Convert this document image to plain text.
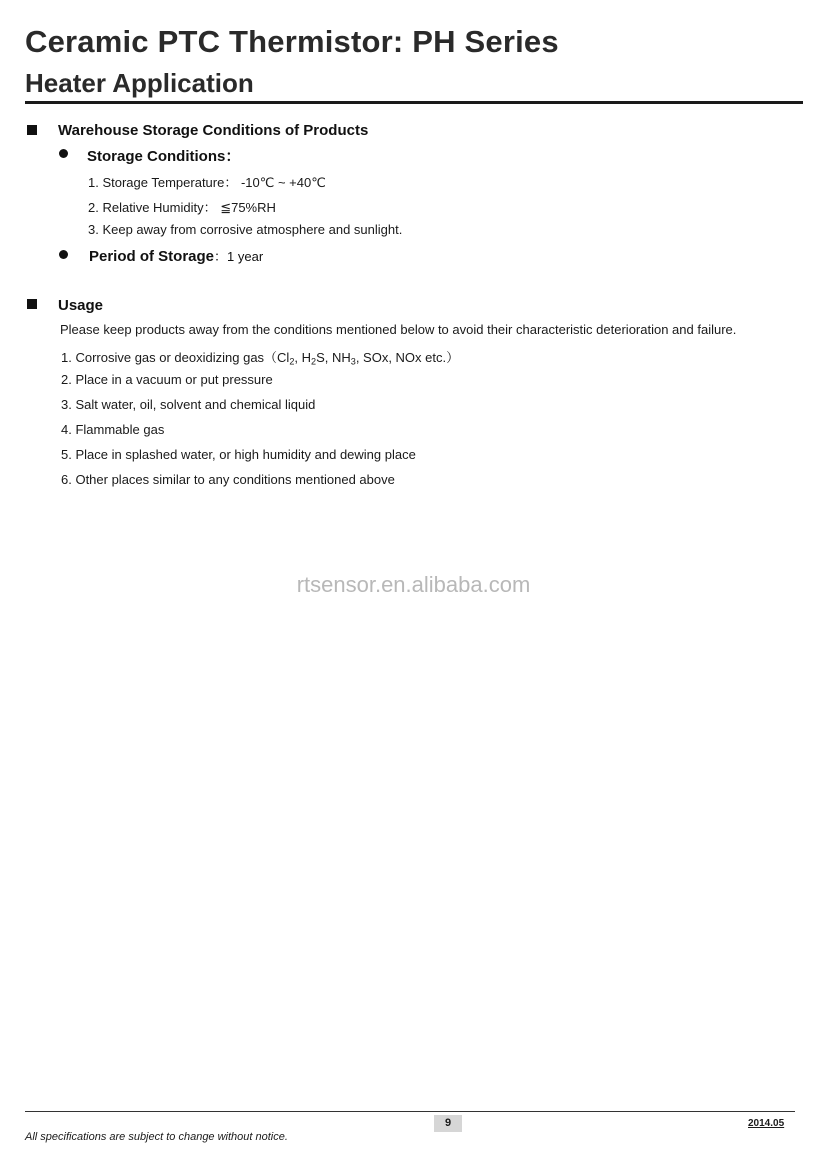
Ceramic PTC Thermistor: PH Series
Heater Application
Warehouse Storage Conditions of Products
Storage Conditions：
1. Storage Temperature： -10℃ ~ +40℃
2. Relative Humidity： ≦75%RH
3. Keep away from corrosive atmosphere and sunlight.
Period of Storage：1 year
Usage
Please keep products away from the conditions mentioned below to avoid their characteristic deterioration and failure.
1. Corrosive gas or deoxidizing $gas(Cl_2$, $H_2S$, $NH_3$, SOx, NOx etc.）
2. Place in a vacuum or put pressure
3. Salt water, oil, solvent and chemical liquid
4. Flammable gas
5. Place in splashed water, or high humidity and dewing place
6. Other places similar to any conditions mentioned above
rtsensor.en.alibaba.com
9	2014.05
All specifications are subject to change without notice.
